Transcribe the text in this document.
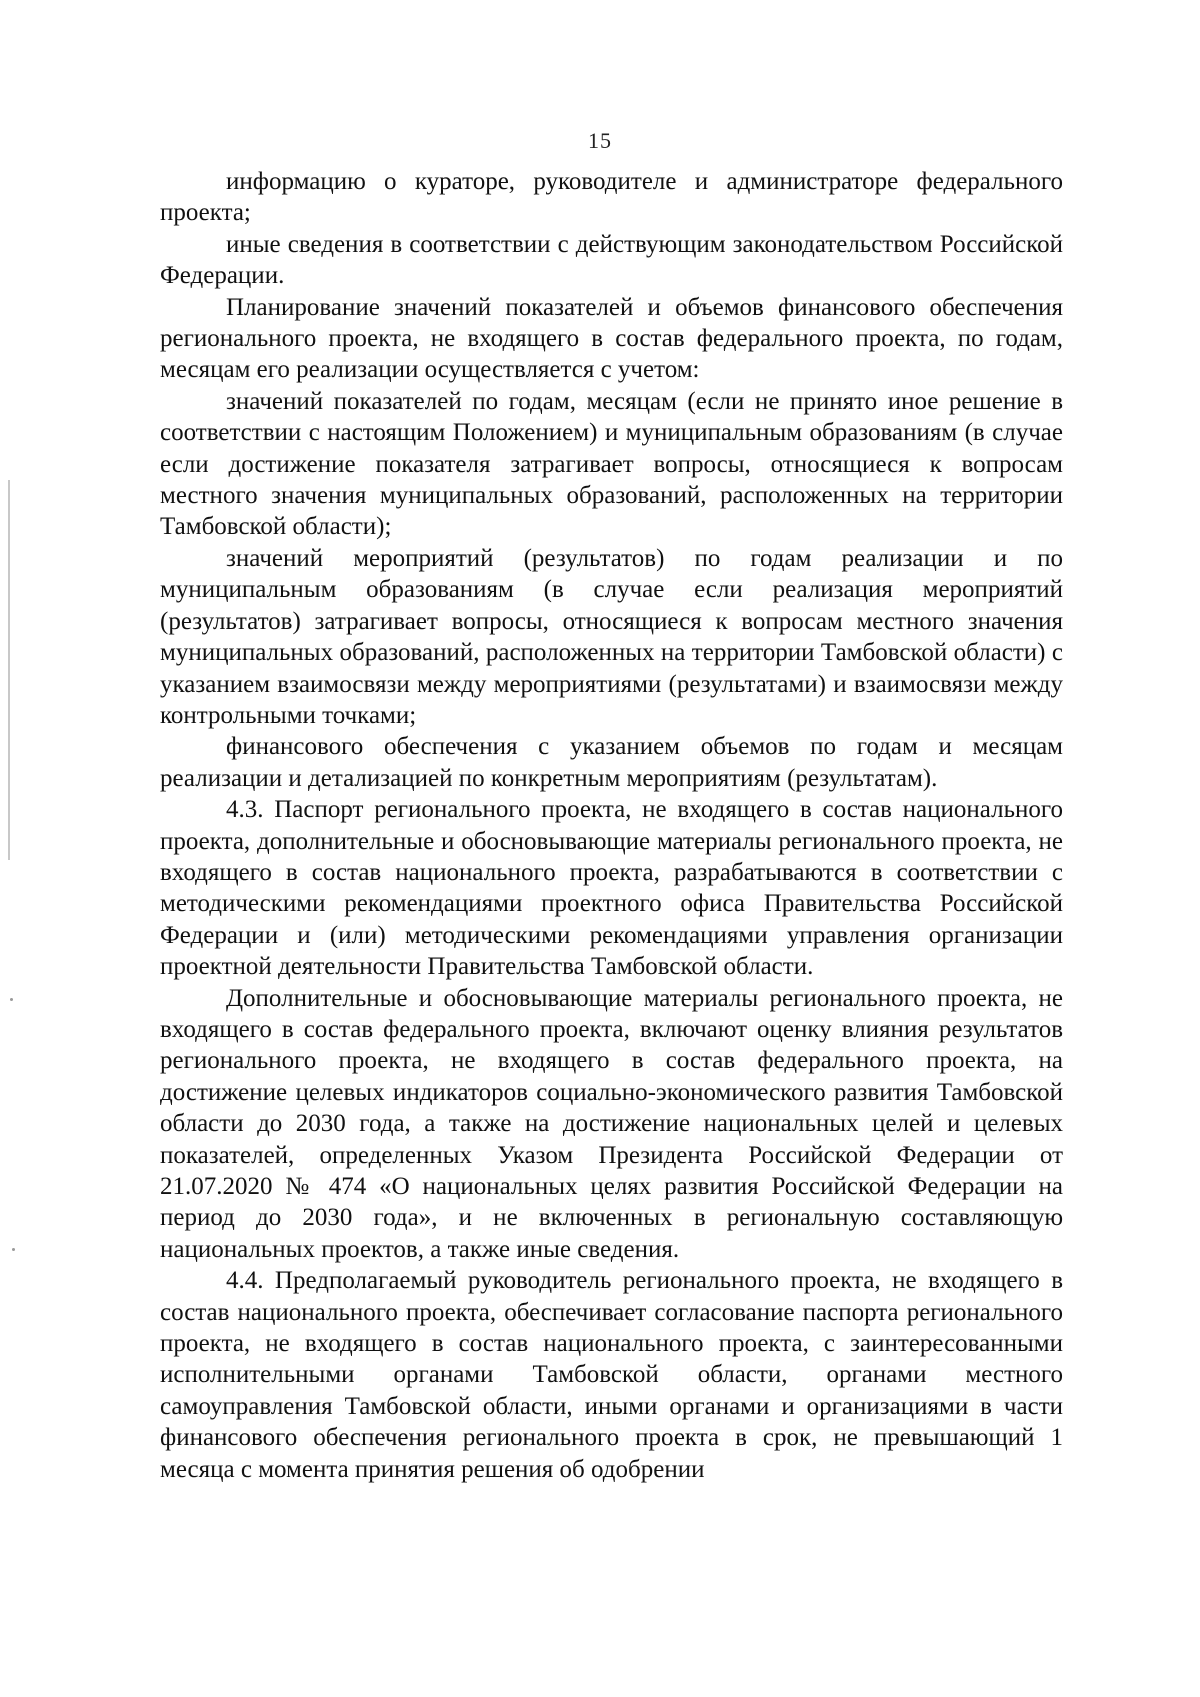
15

информацию о кураторе, руководителе и администраторе федерального проекта;

иные сведения в соответствии с действующим законодательством Российской Федерации.

Планирование значений показателей и объемов финансового обеспечения регионального проекта, не входящего в состав федерального проекта, по годам, месяцам его реализации осуществляется с учетом:

значений показателей по годам, месяцам (если не принято иное решение в соответствии с настоящим Положением) и муниципальным образованиям (в случае если достижение показателя затрагивает вопросы, относящиеся к вопросам местного значения муниципальных образований, расположенных на территории Тамбовской области);

значений мероприятий (результатов) по годам реализации и по муниципальным образованиям (в случае если реализация мероприятий (результатов) затрагивает вопросы, относящиеся к вопросам местного значения муниципальных образований, расположенных на территории Тамбовской области) с указанием взаимосвязи между мероприятиями (результатами) и взаимосвязи между контрольными точками;

финансового обеспечения с указанием объемов по годам и месяцам реализации и детализацией по конкретным мероприятиям (результатам).

4.3. Паспорт регионального проекта, не входящего в состав национального проекта, дополнительные и обосновывающие материалы регионального проекта, не входящего в состав национального проекта, разрабатываются в соответствии с методическими рекомендациями проектного офиса Правительства Российской Федерации и (или) методическими рекомендациями управления организации проектной деятельности Правительства Тамбовской области.

Дополнительные и обосновывающие материалы регионального проекта, не входящего в состав федерального проекта, включают оценку влияния результатов регионального проекта, не входящего в состав федерального проекта, на достижение целевых индикаторов социально-экономического развития Тамбовской области до 2030 года, а также на достижение национальных целей и целевых показателей, определенных Указом Президента Российской Федерации от 21.07.2020 № 474 «О национальных целях развития Российской Федерации на период до 2030 года», и не включенных в региональную составляющую национальных проектов, а также иные сведения.

4.4. Предполагаемый руководитель регионального проекта, не входящего в состав национального проекта, обеспечивает согласование паспорта регионального проекта, не входящего в состав национального проекта, с заинтересованными исполнительными органами Тамбовской области, органами местного самоуправления Тамбовской области, иными органами и организациями в части финансового обеспечения регионального проекта в срок, не превышающий 1 месяца с момента принятия решения об одобрении
